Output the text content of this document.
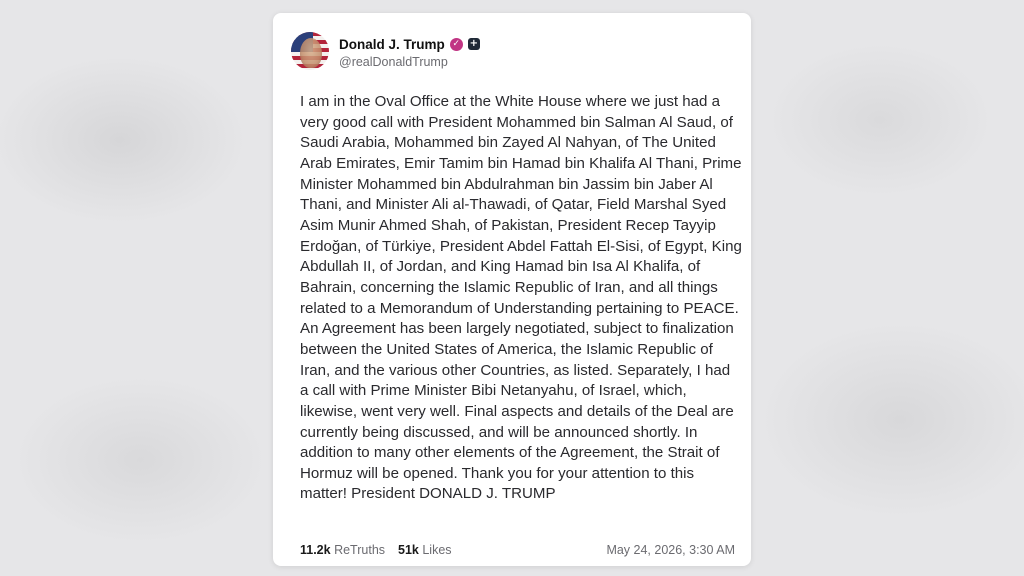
Donald J. Trump ✓ +
@realDonaldTrump
I am in the Oval Office at the White House where we just had a
very good call with President Mohammed bin Salman Al Saud, of
Saudi Arabia, Mohammed bin Zayed Al Nahyan, of The United
Arab Emirates, Emir Tamim bin Hamad bin Khalifa Al Thani, Prime
Minister Mohammed bin Abdulrahman bin Jassim bin Jaber Al
Thani, and Minister Ali al-Thawadi, of Qatar, Field Marshal Syed
Asim Munir Ahmed Shah, of Pakistan, President Recep Tayyip
Erdoğan, of Türkiye, President Abdel Fattah El-Sisi, of Egypt, King
Abdullah II, of Jordan, and King Hamad bin Isa Al Khalifa, of
Bahrain, concerning the Islamic Republic of Iran, and all things
related to a Memorandum of Understanding pertaining to PEACE.
An Agreement has been largely negotiated, subject to finalization
between the United States of America, the Islamic Republic of
Iran, and the various other Countries, as listed. Separately, I had
a call with Prime Minister Bibi Netanyahu, of Israel, which,
likewise, went very well. Final aspects and details of the Deal are
currently being discussed, and will be announced shortly. In
addition to many other elements of the Agreement, the Strait of
Hormuz will be opened. Thank you for your attention to this
matter! President DONALD J. TRUMP
11.2k ReTruths 51k Likes	May 24, 2026, 3:30 AM
